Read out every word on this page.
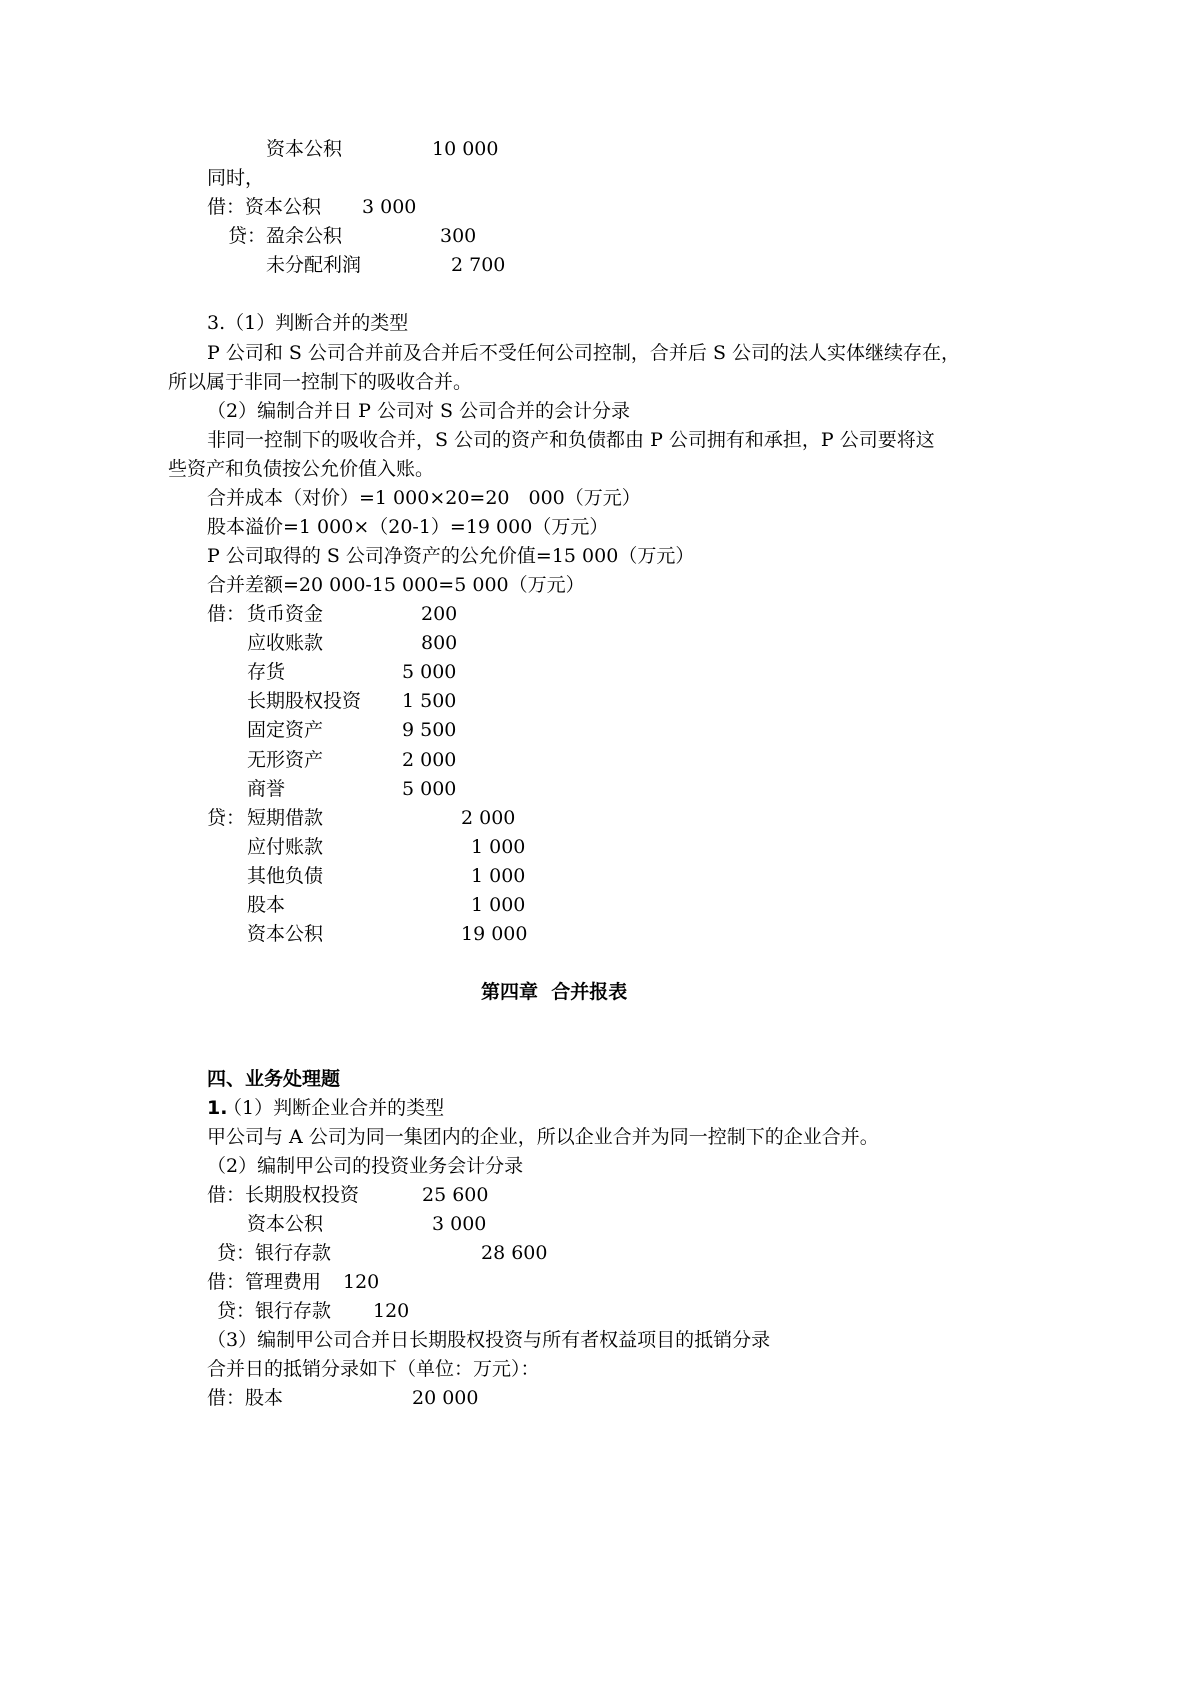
资本公积	10 000
同时，
借：资本公积 3 000
贷：盈余公积	300
未分配利润	2 700
3.（1）判断合并的类型
P 公司和 S 公司合并前及合并后不受任何公司控制，合并后 S 公司的法人实体继续存在，
所以属于非同一控制下的吸收合并。
（2）编制合并日 P 公司对 S 公司合并的会计分录
非同一控制下的吸收合并，S 公司的资产和负债都由 P 公司拥有和承担，P 公司要将这
些资产和负债按公允价值入账。
合并成本（对价）=1 000×20=20　000（万元）
股本溢价=1 000×（20-1）=19 000（万元）
P 公司取得的 S 公司净资产的公允价值=15 000（万元）
合并差额=20 000-15 000=5 000（万元）
借： 货币资金	200
应收账款	800
存货	5 000
长期股权投资 1 500
固定资产	9 500
无形资产	2 000
商誉	5 000
贷： 短期借款	2 000
应付账款	1 000
其他负债	1 000
股本	1 000
资本公积	19 000
第四章  合并报表
四、业务处理题
1.
（1）判断企业合并的类型
甲公司与 A 公司为同一集团内的企业，所以企业合并为同一控制下的企业合并。
（2）编制甲公司的投资业务会计分录
借：长期股权投资	25 600
资本公积	3 000
贷：银行存款	28 600
借：管理费用 120
贷：银行存款 120
（3）编制甲公司合并日长期股权投资与所有者权益项目的抵销分录
合并日的抵销分录如下（单位：万元）：
借：股本	20 000
